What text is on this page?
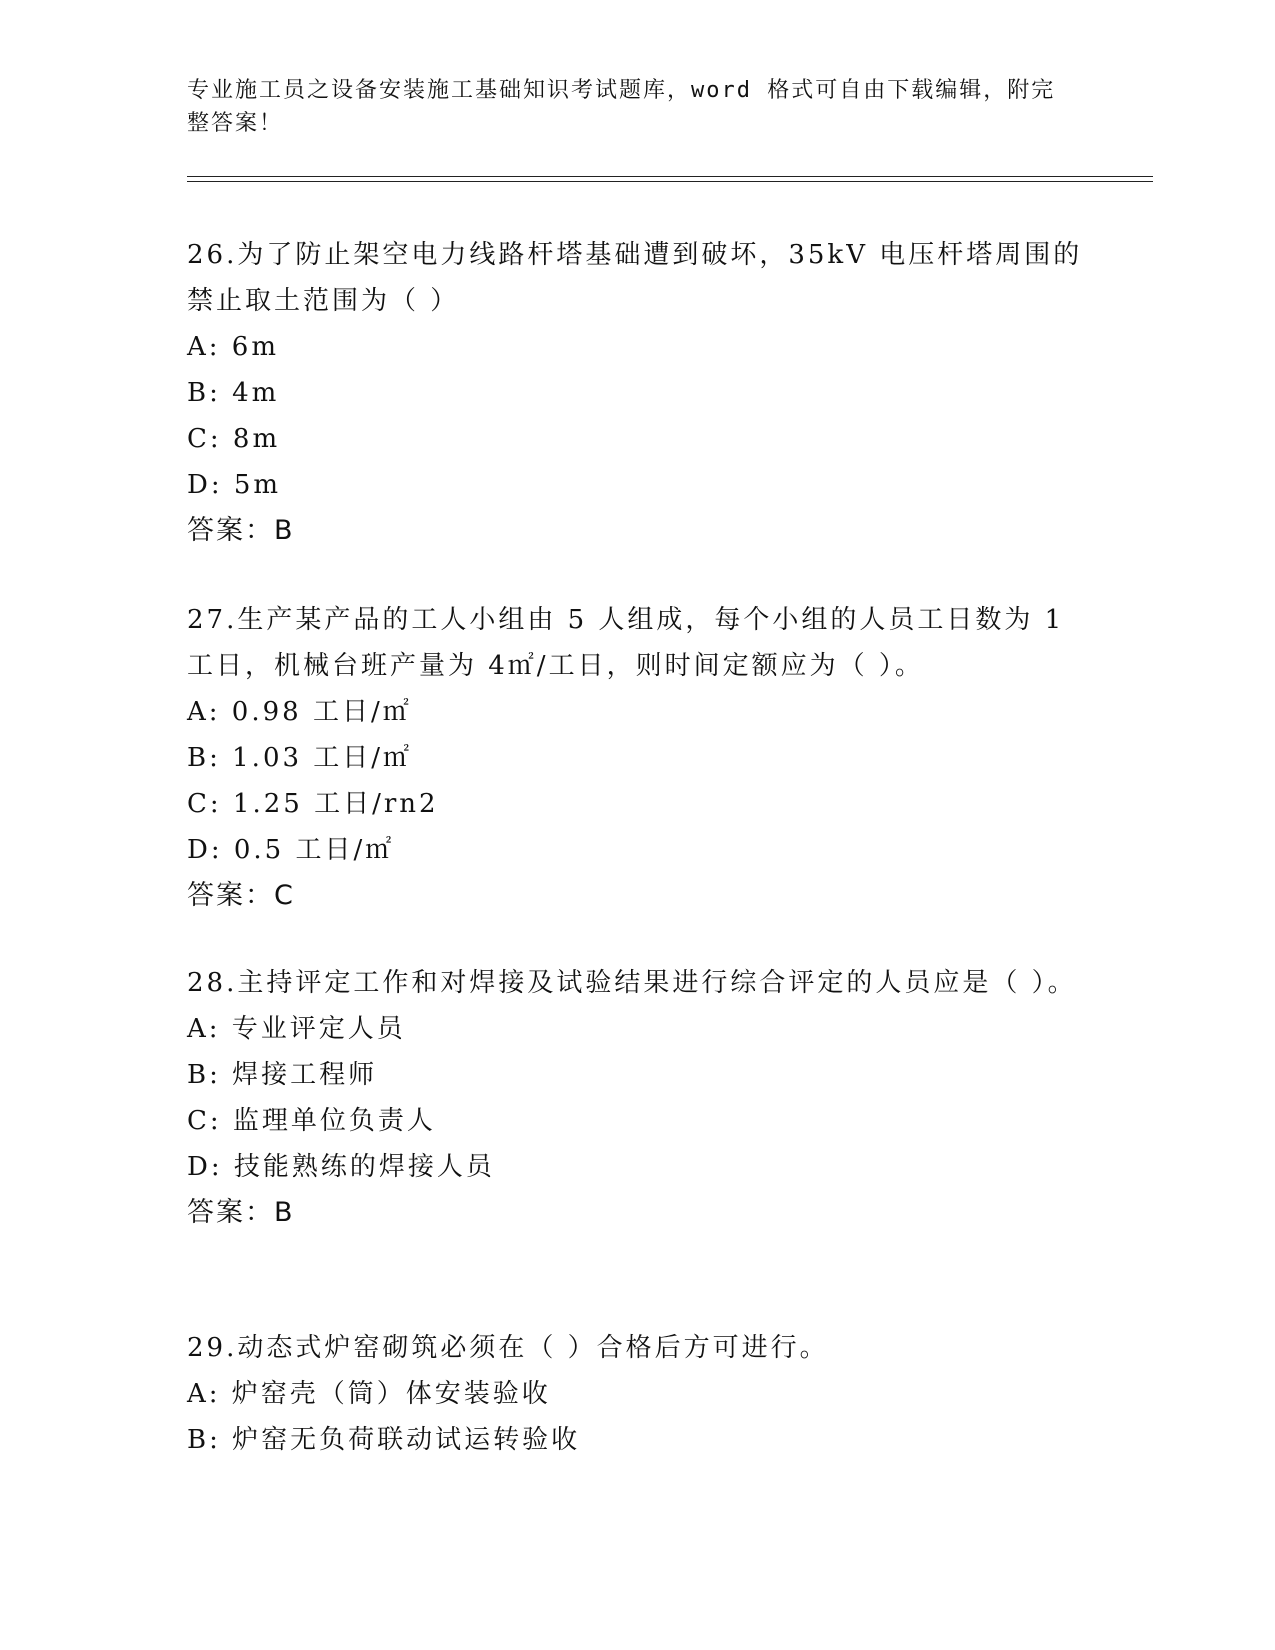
专业施工员之设备安装施工基础知识考试题库，word 格式可自由下载编辑，附完整答案！

26.为了防止架空电力线路杆塔基础遭到破坏，35kV 电压杆塔周围的禁止取土范围为（ ）

A: 6m

B: 4m

C: 8m

D: 5m

答案：B

27.生产某产品的工人小组由 5 人组成，每个小组的人员工日数为 1 工日，机械台班产量为 4㎡/工日，则时间定额应为（ ）。

A: 0.98 工日/㎡

B: 1.03 工日/㎡

C: 1.25 工日/rn2

D: 0.5 工日/㎡

答案：C

28.主持评定工作和对焊接及试验结果进行综合评定的人员应是（ ）。

A: 专业评定人员

B: 焊接工程师

C: 监理单位负责人

D: 技能熟练的焊接人员

答案：B

29.动态式炉窑砌筑必须在（ ）合格后方可进行。

A: 炉窑壳（筒）体安装验收

B: 炉窑无负荷联动试运转验收
